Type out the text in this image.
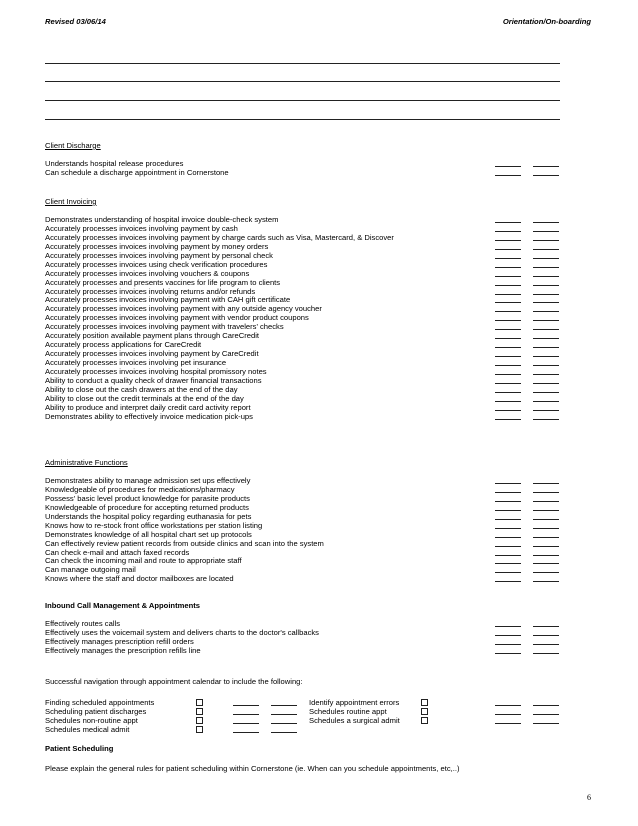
Revised 03/06/14	Orientation/On-boarding
Client Discharge
Understands hospital release procedures
Can schedule a discharge appointment in Cornerstone
Client Invoicing
Demonstrates understanding of hospital invoice double-check system
Accurately processes invoices involving payment by cash
Accurately processes invoices involving payment by charge cards such as Visa, Mastercard, & Discover
Accurately processes invoices involving payment by money orders
Accurately processes invoices involving payment by personal check
Accurately processes invoices using check verification procedures
Accurately processes invoices involving vouchers & coupons
Accurately processes and presents vaccines for life program to clients
Accurately processes invoices involving returns and/or refunds
Accurately processes invoices involving payment with CAH gift certificate
Accurately processes invoices involving payment with any outside agency voucher
Accurately processes invoices involving payment with vendor product coupons
Accurately processes invoices involving payment with travelers' checks
Accurately position available payment plans through CareCredit
Accurately process applications for CareCredit
Accurately processes invoices involving payment by CareCredit
Accurately processes invoices involving pet insurance
Accurately processes invoices involving hospital promissory notes
Ability to conduct a quality check of drawer financial transactions
Ability to close out the cash drawers at the end of the day
Ability to close out the credit terminals at the end of the day
Ability to produce and interpret daily credit card activity report
Demonstrates ability to effectively invoice medication pick-ups
Administrative Functions
Demonstrates ability to manage admission set ups effectively
Knowledgeable of procedures for medications/pharmacy
Possess' basic level product knowledge for parasite products
Knowledgeable of procedure for accepting returned products
Understands the hospital policy regarding euthanasia for pets
Knows how to re-stock front office workstations per station listing
Demonstrates knowledge of all hospital chart set up protocols
Can effectively review patient records from outside clinics and scan into the system
Can check e-mail and attach faxed records
Can check the incoming mail and route to appropriate staff
Can manage outgoing mail
Knows where the staff and doctor mailboxes are located
Inbound Call Management & Appointments
Effectively routes calls
Effectively uses the voicemail system and delivers charts to the doctor's callbacks
Effectively manages prescription refill orders
Effectively manages the prescription refills line
Successful navigation through appointment calendar to include the following:
Finding scheduled appointments
Scheduling patient discharges
Schedules non-routine appt
Schedules medical admit
Identify appointment errors
Schedules routine appt
Schedules a surgical admit
Patient Scheduling
Please explain the general rules for patient scheduling within Cornerstone (ie. When can you schedule appointments, etc,..)
6
